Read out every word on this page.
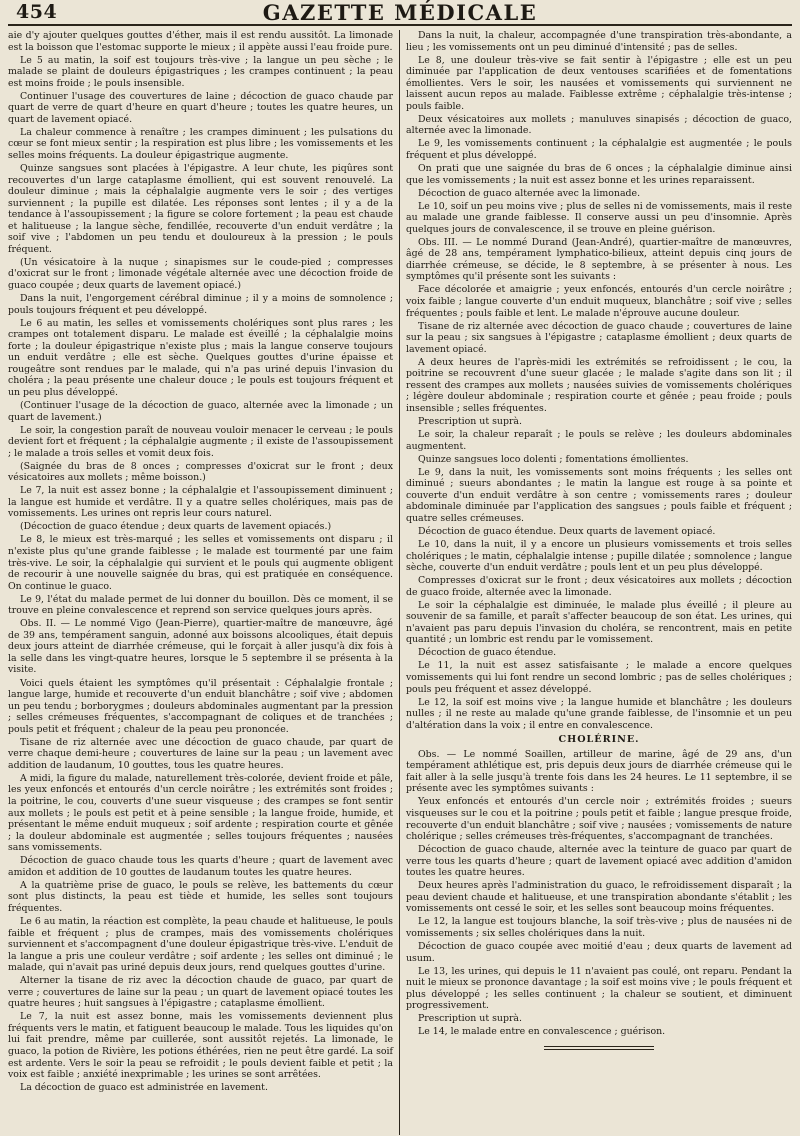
454	GAZETTE MÉDICALE

aie d'y ajouter quelques gouttes d'éther, mais il est rendu aussitôt. La limonade est la boisson que l'estomac supporte le mieux ; il appète aussi l'eau froide pure.

Le 5 au matin, la soif est toujours très-vive ; la langue un peu sèche ; le malade se plaint de douleurs épigastriques ; les crampes continuent ; la peau est moins froide ; le pouls insensible.

Continuer l'usage des couvertures de laine ; décoction de guaco chaude par quart de verre de quart d'heure en quart d'heure ; toutes les quatre heures, un quart de lavement opiacé.

La chaleur commence à renaître ; les crampes diminuent ; les pulsations du cœur se font mieux sentir ; la respiration est plus libre ; les vomissements et les selles moins fréquents. La douleur épigastrique augmente.

Quinze sangsues sont placées à l'épigastre. A leur chute, les piqûres sont recouvertes d'un large cataplasme émollient, qui est souvent renouvelé. La douleur diminue ; mais la céphalalgie augmente vers le soir ; des vertiges surviennent ; la pupille est dilatée. Les réponses sont lentes ; il y a de la tendance à l'assoupissement ; la figure se colore fortement ; la peau est chaude et halitueuse ; la langue sèche, fendillée, recouverte d'un enduit verdâtre ; la soif vive ; l'abdomen un peu tendu et douloureux à la pression ; le pouls fréquent.

(Un vésicatoire à la nuque ; sinapismes sur le coude-pied ; compresses d'oxicrat sur le front ; limonade végétale alternée avec une décoction froide de guaco coupée ; deux quarts de lavement opiacé.)

Dans la nuit, l'engorgement cérébral diminue ; il y a moins de somnolence ; pouls toujours fréquent et peu développé.

Le 6 au matin, les selles et vomissements cholériques sont plus rares ; les crampes ont totalement disparu. Le malade est éveillé ; la céphalalgie moins forte ; la douleur épigastrique n'existe plus ; mais la langue conserve toujours un enduit verdâtre ; elle est sèche. Quelques gouttes d'urine épaisse et rougeâtre sont rendues par le malade, qui n'a pas uriné depuis l'invasion du choléra ; la peau présente une chaleur douce ; le pouls est toujours fréquent et un peu plus développé.

(Continuer l'usage de la décoction de guaco, alternée avec la limonade ; un quart de lavement.)

Le soir, la congestion paraît de nouveau vouloir menacer le cerveau ; le pouls devient fort et fréquent ; la céphalalgie augmente ; il existe de l'assoupissement ; le malade a trois selles et vomit deux fois.

(Saignée du bras de 8 onces ; compresses d'oxicrat sur le front ; deux vésicatoires aux mollets ; même boisson.)

Le 7, la nuit est assez bonne ; la céphalalgie et l'assoupissement diminuent ; la langue est humide et verdâtre. Il y a quatre selles cholériques, mais pas de vomissements. Les urines ont repris leur cours naturel.

(Décoction de guaco étendue ; deux quarts de lavement opiacés.)

Le 8, le mieux est très-marqué ; les selles et vomissements ont disparu ; il n'existe plus qu'une grande faiblesse ; le malade est tourmenté par une faim très-vive. Le soir, la céphalalgie qui survient et le pouls qui augmente obligent de recourir à une nouvelle saignée du bras, qui est pratiquée en conséquence. On continue le guaco.

Le 9, l'état du malade permet de lui donner du bouillon. Dès ce moment, il se trouve en pleine convalescence et reprend son service quelques jours après.

Obs. II. — Le nommé Vigo (Jean-Pierre), quartier-maître de manœuvre, âgé de 39 ans, tempérament sanguin, adonné aux boissons alcooliques, était depuis deux jours atteint de diarrhée crémeuse, qui le forçait à aller jusqu'à dix fois à la selle dans les vingt-quatre heures, lorsque le 5 septembre il se présenta à la visite.

Voici quels étaient les symptômes qu'il présentait : Céphalalgie frontale ; langue large, humide et recouverte d'un enduit blanchâtre ; soif vive ; abdomen un peu tendu ; borborygmes ; douleurs abdominales augmentant par la pression ; selles crémeuses fréquentes, s'accompagnant de coliques et de tranchées ; pouls petit et fréquent ; chaleur de la peau peu prononcée.

Tisane de riz alternée avec une décoction de guaco chaude, par quart de verre chaque demi-heure ; couvertures de laine sur la peau ; un lavement avec addition de laudanum, 10 gouttes, tous les quatre heures.

A midi, la figure du malade, naturellement très-colorée, devient froide et pâle, les yeux enfoncés et entourés d'un cercle noirâtre ; les extrémités sont froides ; la poitrine, le cou, couverts d'une sueur visqueuse ; des crampes se font sentir aux mollets ; le pouls est petit et à peine sensible ; la langue froide, humide, et présentant le même enduit muqueux ; soif ardente ; respiration courte et gênée ; la douleur abdominale est augmentée ; selles toujours fréquentes ; nausées sans vomissements.

Décoction de guaco chaude tous les quarts d'heure ; quart de lavement avec amidon et addition de 10 gouttes de laudanum toutes les quatre heures.

A la quatrième prise de guaco, le pouls se relève, les battements du cœur sont plus distincts, la peau est tiède et humide, les selles sont toujours fréquentes.

Le 6 au matin, la réaction est complète, la peau chaude et halitueuse, le pouls faible et fréquent ; plus de crampes, mais des vomissements cholériques surviennent et s'accompagnent d'une douleur épigastrique très-vive. L'enduit de la langue a pris une couleur verdâtre ; soif ardente ; les selles ont diminué ; le malade, qui n'avait pas uriné depuis deux jours, rend quelques gouttes d'urine.

Alterner la tisane de riz avec la décoction chaude de guaco, par quart de verre ; couvertures de laine sur la peau ; un quart de lavement opiacé toutes les quatre heures ; huit sangsues à l'épigastre ; cataplasme émollient.

Le 7, la nuit est assez bonne, mais les vomissements deviennent plus fréquents vers le matin, et fatiguent beaucoup le malade. Tous les liquides qu'on lui fait prendre, même par cuillerée, sont aussitôt rejetés. La limonade, le guaco, la potion de Rivière, les potions éthérées, rien ne peut être gardé. La soif est ardente. Vers le soir la peau se refroidit ; le pouls devient faible et petit ; la voix est faible ; anxiété inexprimable ; les urines se sont arrêtées.

La décoction de guaco est administrée en lavement.

Dans la nuit, la chaleur, accompagnée d'une transpiration très-abondante, a lieu ; les vomissements ont un peu diminué d'intensité ; pas de selles.

Le 8, une douleur très-vive se fait sentir à l'épigastre ; elle est un peu diminuée par l'application de deux ventouses scarifiées et de fomentations émollientes. Vers le soir, les nausées et vomissements qui surviennent ne laissent aucun repos au malade. Faiblesse extrême ; céphalalgie très-intense ; pouls faible.

Deux vésicatoires aux mollets ; manuluves sinapisés ; décoction de guaco, alternée avec la limonade.

Le 9, les vomissements continuent ; la céphalalgie est augmentée ; le pouls fréquent et plus développé.

On prati que une saignée du bras de 6 onces ; la céphalalgie diminue ainsi que les vomissements ; la nuit est assez bonne et les urines reparaissent.

Décoction de guaco alternée avec la limonade.

Le 10, soif un peu moins vive ; plus de selles ni de vomissements, mais il reste au malade une grande faiblesse. Il conserve aussi un peu d'insomnie. Après quelques jours de convalescence, il se trouve en pleine guérison.

Obs. III. — Le nommé Durand (Jean-André), quartier-maître de manœuvres, âgé de 28 ans, tempérament lymphatico-bilieux, atteint depuis cinq jours de diarrhée crémeuse, se décide, le 8 septembre, à se présenter à nous. Les symptômes qu'il présente sont les suivants :

Face décolorée et amaigrie ; yeux enfoncés, entourés d'un cercle noirâtre ; voix faible ; langue couverte d'un enduit muqueux, blanchâtre ; soif vive ; selles fréquentes ; pouls faible et lent. Le malade n'éprouve aucune douleur.

Tisane de riz alternée avec décoction de guaco chaude ; couvertures de laine sur la peau ; six sangsues à l'épigastre ; cataplasme émollient ; deux quarts de lavement opiacé.

A deux heures de l'après-midi les extrémités se refroidissent ; le cou, la poitrine se recouvrent d'une sueur glacée ; le malade s'agite dans son lit ; il ressent des crampes aux mollets ; nausées suivies de vomissements cholériques ; légère douleur abdominale ; respiration courte et gênée ; peau froide ; pouls insensible ; selles fréquentes.

Prescription ut suprà.

Le soir, la chaleur reparaît ; le pouls se relève ; les douleurs abdominales augmentent.

Quinze sangsues loco dolenti ; fomentations émollientes.

Le 9, dans la nuit, les vomissements sont moins fréquents ; les selles ont diminué ; sueurs abondantes ; le matin la langue est rouge à sa pointe et couverte d'un enduit verdâtre à son centre ; vomissements rares ; douleur abdominale diminuée par l'application des sangsues ; pouls faible et fréquent ; quatre selles crémeuses.

Décoction de guaco étendue. Deux quarts de lavement opiacé.

Le 10, dans la nuit, il y a encore un plusieurs vomissements et trois selles cholériques ; le matin, céphalalgie intense ; pupille dilatée ; somnolence ; langue sèche, couverte d'un enduit verdâtre ; pouls lent et un peu plus développé.

Compresses d'oxicrat sur le front ; deux vésicatoires aux mollets ; décoction de guaco froide, alternée avec la limonade.

Le soir la céphalalgie est diminuée, le malade plus éveillé ; il pleure au souvenir de sa famille, et paraît s'affecter beaucoup de son état. Les urines, qui n'avaient pas paru depuis l'invasion du choléra, se rencontrent, mais en petite quantité ; un lombric est rendu par le vomissement.

Décoction de guaco étendue.

Le 11, la nuit est assez satisfaisante ; le malade a encore quelques vomissements qui lui font rendre un second lombric ; pas de selles cholériques ; pouls peu fréquent et assez développé.

Le 12, la soif est moins vive ; la langue humide et blanchâtre ; les douleurs nulles ; il ne reste au malade qu'une grande faiblesse, de l'insomnie et un peu d'altération dans la voix ; il entre en convalescence.

CHOLÉRINE.

Obs. — Le nommé Soaillen, artilleur de marine, âgé de 29 ans, d'un tempérament athlétique est, pris depuis deux jours de diarrhée crémeuse qui le fait aller à la selle jusqu'à trente fois dans les 24 heures. Le 11 septembre, il se présente avec les symptômes suivants :

Yeux enfoncés et entourés d'un cercle noir ; extrémités froides ; sueurs visqueuses sur le cou et la poitrine ; pouls petit et faible ; langue presque froide, recouverte d'un enduit blanchâtre ; soif vive ; nausées ; vomissements de nature cholérique ; selles crémeuses très-fréquentes, s'accompagnant de tranchées.

Décoction de guaco chaude, alternée avec la teinture de guaco par quart de verre tous les quarts d'heure ; quart de lavement opiacé avec addition d'amidon toutes les quatre heures.

Deux heures après l'administration du guaco, le refroidissement disparaît ; la peau devient chaude et halitueuse, et une transpiration abondante s'établit ; les vomissements ont cessé le soir, et les selles sont beaucoup moins fréquentes.

Le 12, la langue est toujours blanche, la soif très-vive ; plus de nausées ni de vomissements ; six selles cholériques dans la nuit.

Décoction de guaco coupée avec moitié d'eau ; deux quarts de lavement ad usum.

Le 13, les urines, qui depuis le 11 n'avaient pas coulé, ont reparu. Pendant la nuit le mieux se prononce davantage ; la soif est moins vive ; le pouls fréquent et plus développé ; les selles continuent ; la chaleur se soutient, et diminuent progressivement.

Prescription ut suprà.

Le 14, le malade entre en convalescence ; guérison.
